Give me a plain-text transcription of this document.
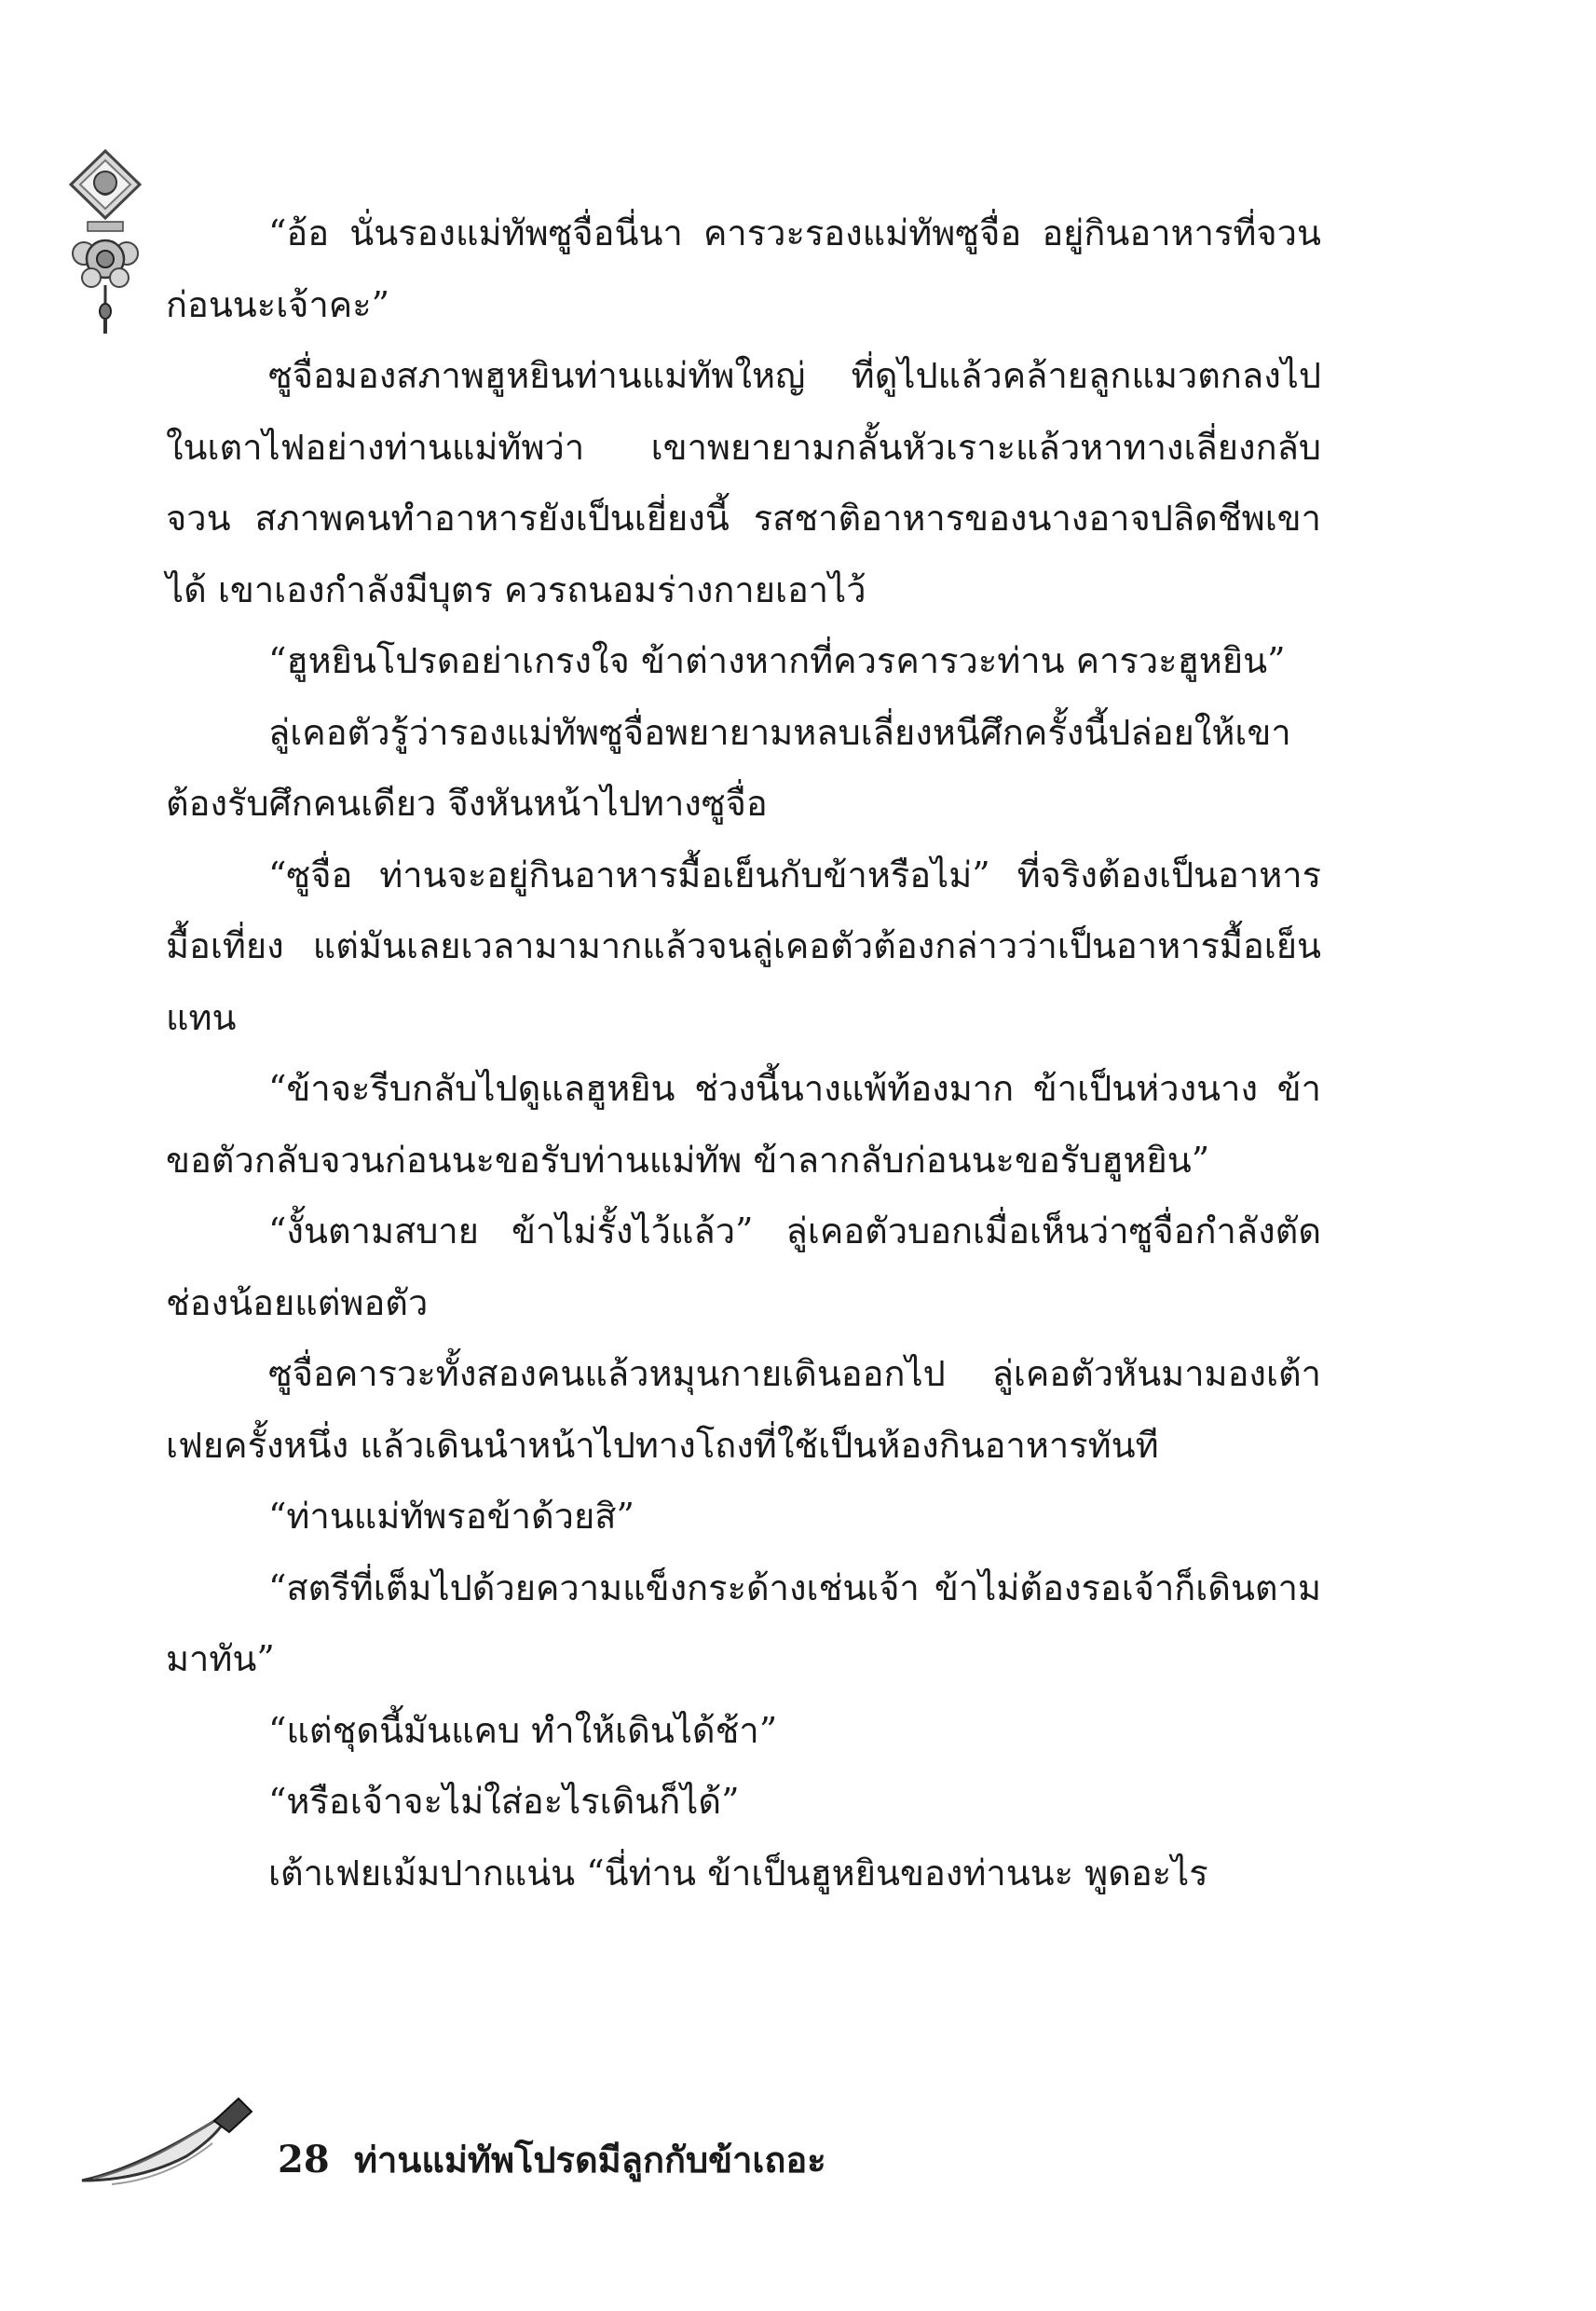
“อ้อ นั่นรองแม่ทัพซูจื่อนี่นา คารวะรองแม่ทัพซูจื่อ อยู่กินอาหารที่จวนก่อนนะเจ้าคะ”

ซูจื่อมองสภาพฮูหยินท่านแม่ทัพใหญ่ ที่ดูไปแล้วคล้ายลูกแมวตกลงไปในเตาไฟอย่างท่านแม่ทัพว่า เขาพยายามกลั้นหัวเราะแล้วหาทางเลี่ยงกลับจวน สภาพคนทำอาหารยังเป็นเยี่ยงนี้ รสชาติอาหารของนางอาจปลิดชีพเขาได้ เขาเองกำลังมีบุตร ควรถนอมร่างกายเอาไว้

“ฮูหยินโปรดอย่าเกรงใจ ข้าต่างหากที่ควรคารวะท่าน คารวะฮูหยิน”

ลู่เคอตัวรู้ว่ารองแม่ทัพซูจื่อพยายามหลบเลี่ยงหนีศึกครั้งนี้ปล่อยให้เขาต้องรับศึกคนเดียว จึงหันหน้าไปทางซูจื่อ

“ซูจื่อ ท่านจะอยู่กินอาหารมื้อเย็นกับข้าหรือไม่” ที่จริงต้องเป็นอาหารมื้อเที่ยง แต่มันเลยเวลามามากแล้วจนลู่เคอตัวต้องกล่าวว่าเป็นอาหารมื้อเย็นแทน

“ข้าจะรีบกลับไปดูแลฮูหยิน ช่วงนี้นางแพ้ท้องมาก ข้าเป็นห่วงนาง ข้าขอตัวกลับจวนก่อนนะขอรับท่านแม่ทัพ ข้าลากลับก่อนนะขอรับฮูหยิน”

“งั้นตามสบาย ข้าไม่รั้งไว้แล้ว” ลู่เคอตัวบอกเมื่อเห็นว่าซูจื่อกำลังตัดช่องน้อยแต่พอตัว

ซูจื่อคารวะทั้งสองคนแล้วหมุนกายเดินออกไป ลู่เคอตัวหันมามองเต้าเฟยครั้งหนึ่ง แล้วเดินนำหน้าไปทางโถงที่ใช้เป็นห้องกินอาหารทันที

“ท่านแม่ทัพรอข้าด้วยสิ”

“สตรีที่เต็มไปด้วยความแข็งกระด้างเช่นเจ้า ข้าไม่ต้องรอเจ้าก็เดินตามมาทัน”

“แต่ชุดนี้มันแคบ ทำให้เดินได้ช้า”

“หรือเจ้าจะไม่ใส่อะไรเดินก็ได้”

เต้าเฟยเม้มปากแน่น “นี่ท่าน ข้าเป็นฮูหยินของท่านนะ พูดอะไร

28 ท่านแม่ทัพโปรดมีลูกกับข้าเถอะ
